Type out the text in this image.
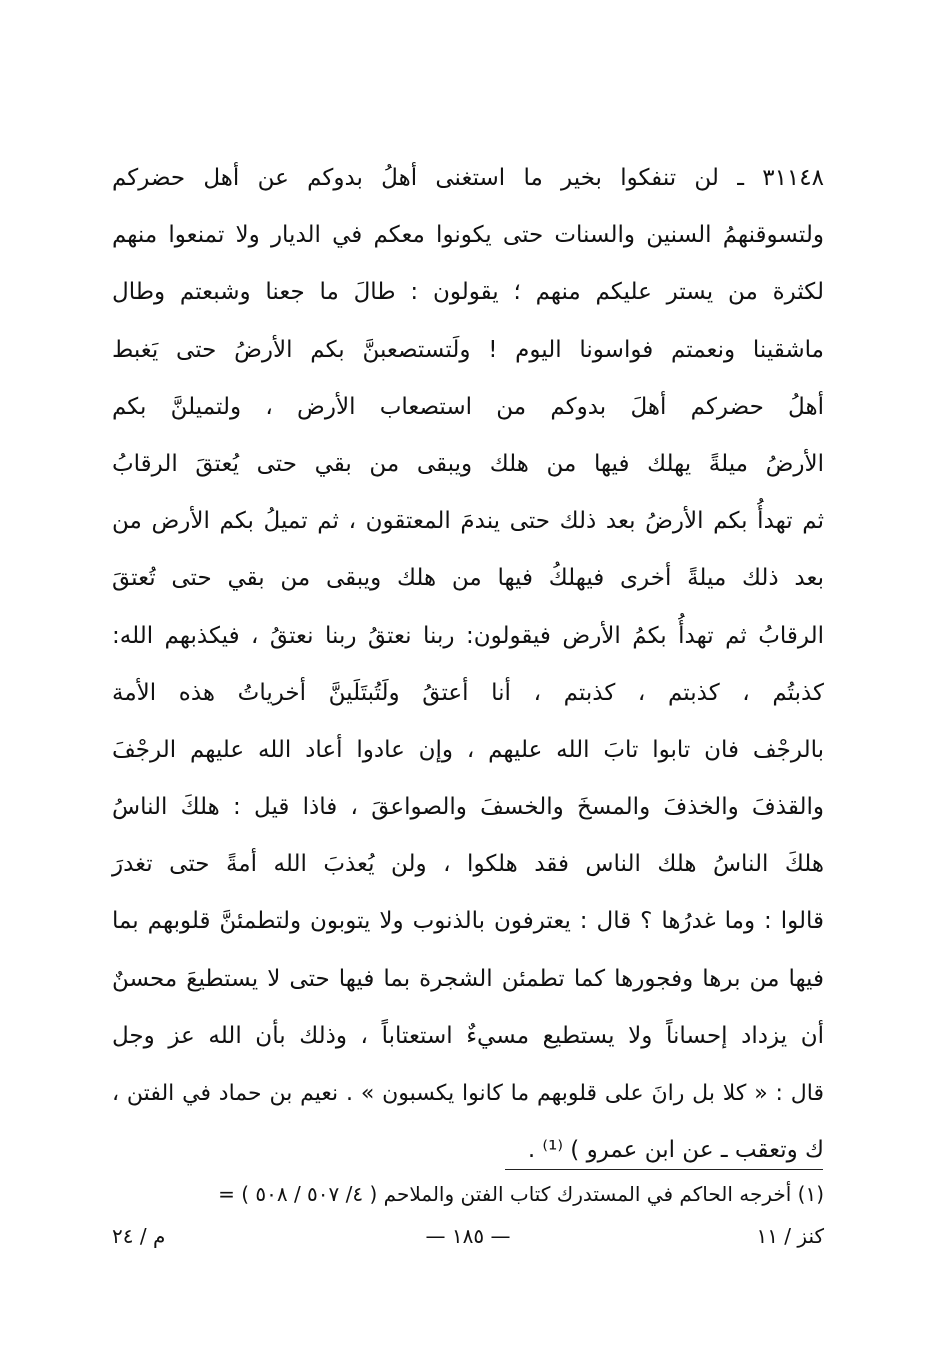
٣١١٤٨ ـ لن تنفكوا بخير ما استغنى أهلُ بدوكم عن أهل حضركم
ولتسوقنهمُ السنين والسنات حتى يكونوا معكم في الديار ولا تمنعوا منهم
لكثرة من يستر عليكم منهم ؛ يقولون : طالَ ما جعنا وشبعتم وطال
ماشقينا ونعمتم فواسونا اليوم ! ولَتستصعبنَّ بكم الأرضُ حتى يَغبط
أهلُ حضركم أهلَ بدوكم من استصعاب الأرض ، ولتميلنَّ بكم
الأرضُ ميلةً يهلك فيها من هلك ويبقى من بقي حتى يُعتقَ الرقابُ
ثم تهدأُ بكم الأرضُ بعد ذلك حتى يندمَ المعتقون ، ثم تميلُ بكم الأرض من
بعد ذلك ميلةً أخرى فيهلكُ فيها من هلك ويبقى من بقي حتى تُعتقَ
الرقابُ ثم تهدأُ بكمُ الأرض فيقولون: ربنا نعتقُ ربنا نعتقُ ، فيكذبهم الله:
كذبتُم ، كذبتم ، كذبتم ، أنا أعتقُ ولَتُبتَلَينَّ أخرياتُ هذه الأمة
بالرجْف فان تابوا تابَ الله عليهم ، وإن عادوا أعاد الله عليهم الرجْفَ
والقذفَ والخذفَ والمسخَ والخسفَ والصواعقَ ، فاذا قيل : هلكَ الناسُ
هلكَ الناسُ هلك الناس فقد هلكوا ، ولن يُعذبَ الله أمةً حتى تغدرَ
قالوا : وما غدرُها ؟ قال : يعترفون بالذنوب ولا يتوبون ولتطمئنَّ قلوبهم بما
فيها من برها وفجورها كما تطمئن الشجرة بما فيها حتى لا يستطيعَ محسنٌ
أن يزداد إحساناً ولا يستطيع مسيءٌ استعتاباً ، وذلك بأن الله عز وجل
قال : « كلا بل رانَ على قلوبهم ما كانوا يكسبون » . نعيم بن حماد في الفتن ،
ك وتعقب ـ عن ابن عمرو ) ⁽¹⁾ .
(١) أخرجه الحاكم في المستدرك كتاب الفتن والملاحم ( ٤/ ٥٠٧ / ٥٠٨ ) =
كنز / ١١
— ١٨٥ —
م / ٢٤
